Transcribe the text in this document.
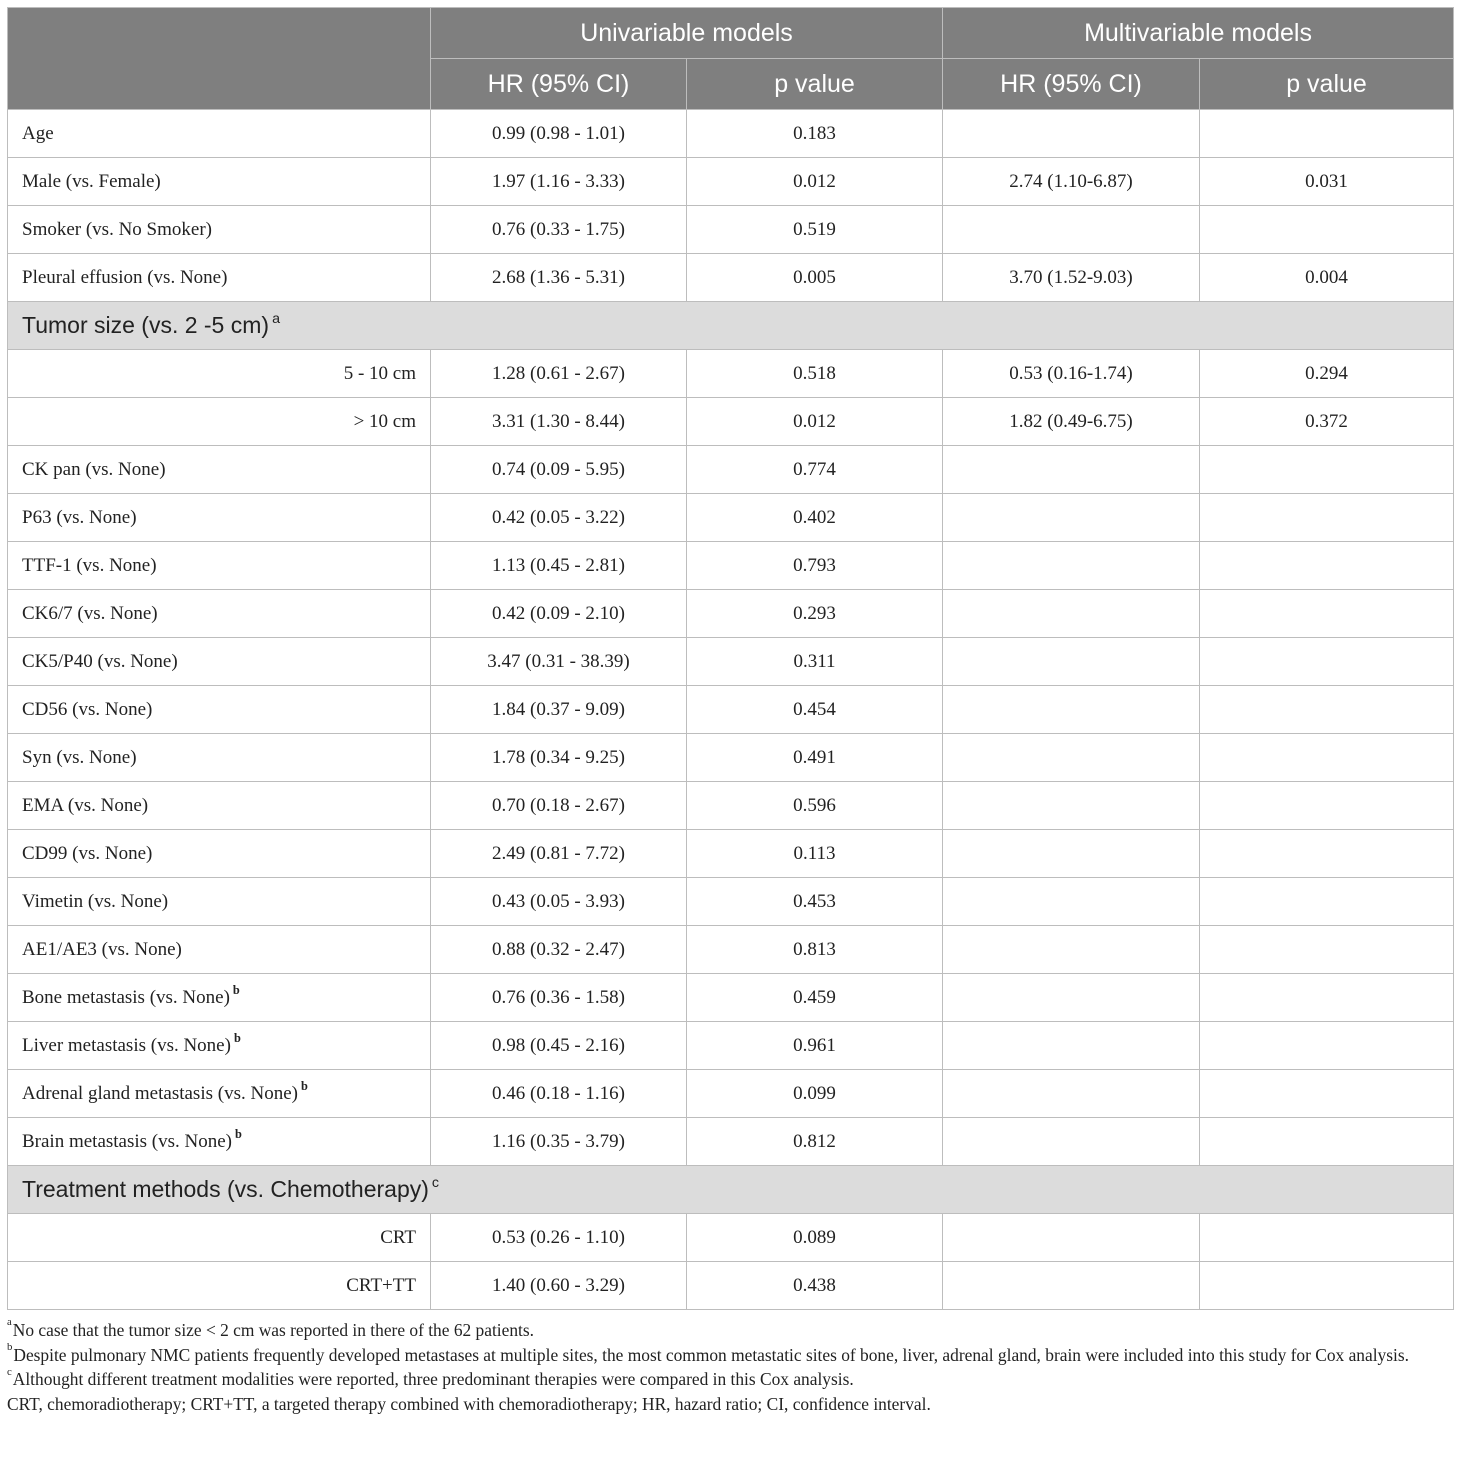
	Univariable models		Multivariable models	
	HR (95% CI)	p value	HR (95% CI)	p value
Age	0.99 (0.98 - 1.01)	0.183		
Male (vs. Female)	1.97 (1.16 - 3.33)	0.012	2.74 (1.10-6.87)	0.031
Smoker (vs. No Smoker)	0.76 (0.33 - 1.75)	0.519		
Pleural effusion (vs. None)	2.68 (1.36 - 5.31)	0.005	3.70 (1.52-9.03)	0.004
Tumor size (vs. 2 -5 cm) $^a$
5 - 10 cm	1.28 (0.61 - 2.67)	0.518	0.53 (0.16-1.74)	0.294
> 10 cm	3.31 (1.30 - 8.44)	0.012	1.82 (0.49-6.75)	0.372
CK pan (vs. None)	0.74 (0.09 - 5.95)	0.774		
P63 (vs. None)	0.42 (0.05 - 3.22)	0.402		
TTF-1 (vs. None)	1.13 (0.45 - 2.81)	0.793		
CK6/7 (vs. None)	0.42 (0.09 - 2.10)	0.293		
CK5/P40 (vs. None)	3.47 (0.31 - 38.39)	0.311		
CD56 (vs. None)	1.84 (0.37 - 9.09)	0.454		
Syn (vs. None)	1.78 (0.34 - 9.25)	0.491		
EMA (vs. None)	0.70 (0.18 - 2.67)	0.596		
CD99 (vs. None)	2.49 (0.81 - 7.72)	0.113		
Vimetin (vs. None)	0.43 (0.05 - 3.93)	0.453		
AE1/AE3 (vs. None)	0.88 (0.32 - 2.47)	0.813		
Bone metastasis (vs. None) $^b$	0.76 (0.36 - 1.58)	0.459		
Liver metastasis (vs. None) $^b$	0.98 (0.45 - 2.16)	0.961		
Adrenal gland metastasis (vs. None) $^b$	0.46 (0.18 - 1.16)	0.099		
Brain metastasis (vs. None) $^b$	1.16 (0.35 - 3.79)	0.812		
Treatment methods (vs. Chemotherapy) $^c$
CRT	0.53 (0.26 - 1.10)	0.089		
CRT+TT	1.40 (0.60 - 3.29)	0.438		

$^a$No case that the tumor size < 2 cm was reported in there of the 62 patients.

$^b$Despite pulmonary NMC patients frequently developed metastases at multiple sites, the most common metastatic sites of bone, liver, adrenal gland, brain were included into this study for Cox analysis.

$^c$Althought different treatment modalities were reported, three predominant therapies were compared in this Cox analysis.

CRT, chemoradiotherapy; CRT+TT, a targeted therapy combined with chemoradiotherapy; HR, hazard ratio; CI, confidence interval.
